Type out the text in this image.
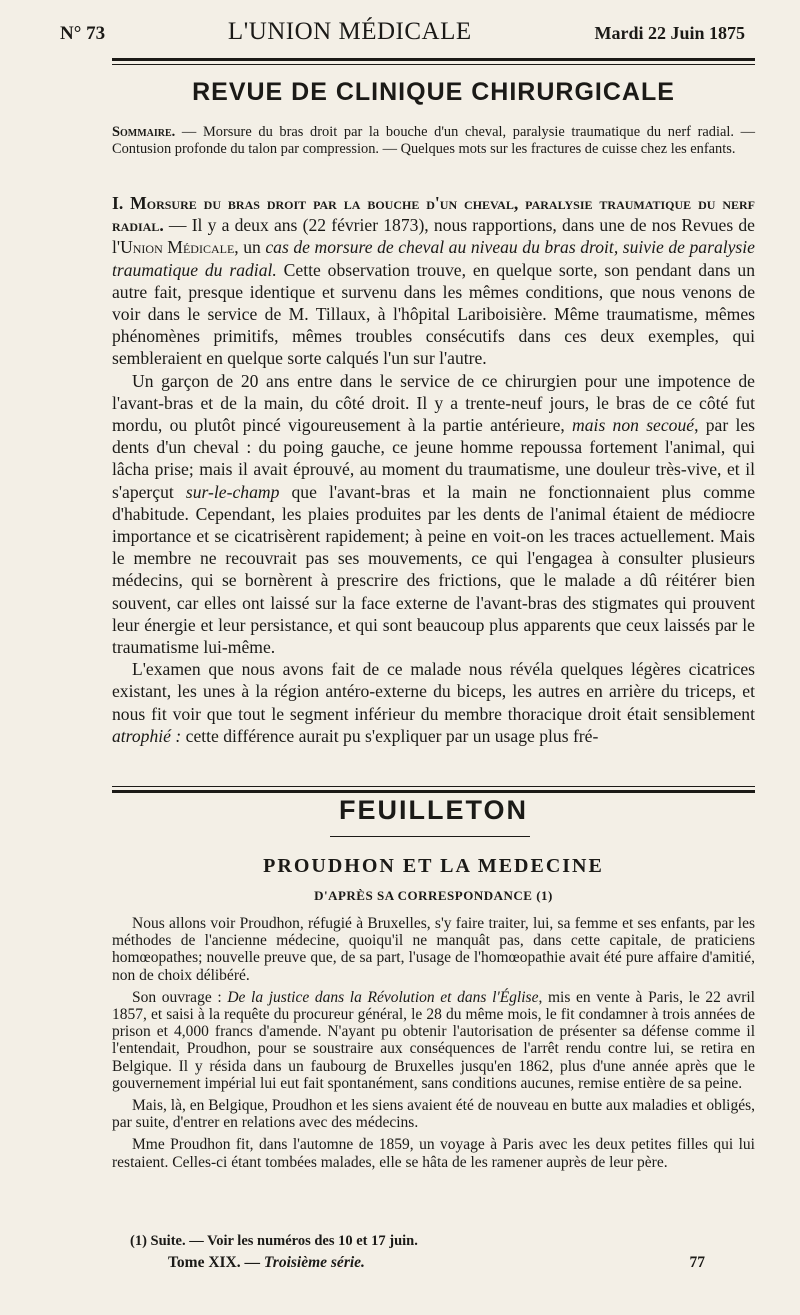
N° 73	L'UNION MÉDICALE	Mardi 22 Juin 1875
REVUE DE CLINIQUE CHIRURGICALE
Sommaire. — Morsure du bras droit par la bouche d'un cheval, paralysie traumatique du nerf radial. — Contusion profonde du talon par compression. — Quelques mots sur les fractures de cuisse chez les enfants.

I. Morsure du bras droit par la bouche d'un cheval, paralysie traumatique du nerf radial. — Il y a deux ans (22 février 1873), nous rapportions, dans une de nos Revues de l'Union Médicale, un cas de morsure de cheval au niveau du bras droit, suivie de paralysie traumatique du radial. Cette observation trouve, en quelque sorte, son pendant dans un autre fait, presque identique et survenu dans les mêmes conditions, que nous venons de voir dans le service de M. Tillaux, à l'hôpital Lariboisière. Même traumatisme, mêmes phénomènes primitifs, mêmes troubles consécutifs dans ces deux exemples, qui sembleraient en quelque sorte calqués l'un sur l'autre.

Un garçon de 20 ans entre dans le service de ce chirurgien pour une impotence de l'avant-bras et de la main, du côté droit. Il y a trente-neuf jours, le bras de ce côté fut mordu, ou plutôt pincé vigoureusement à la partie antérieure, mais non secoué, par les dents d'un cheval : du poing gauche, ce jeune homme repoussa fortement l'animal, qui lâcha prise; mais il avait éprouvé, au moment du traumatisme, une douleur très-vive, et il s'aperçut sur-le-champ que l'avant-bras et la main ne fonctionnaient plus comme d'habitude. Cependant, les plaies produites par les dents de l'animal étaient de médiocre importance et se cicatrisèrent rapidement; à peine en voit-on les traces actuellement. Mais le membre ne recouvrait pas ses mouvements, ce qui l'engagea à consulter plusieurs médecins, qui se bornèrent à prescrire des frictions, que le malade a dû réitérer bien souvent, car elles ont laissé sur la face externe de l'avant-bras des stigmates qui prouvent leur énergie et leur persistance, et qui sont beaucoup plus apparents que ceux laissés par le traumatisme lui-même.

L'examen que nous avons fait de ce malade nous révéla quelques légères cicatrices existant, les unes à la région antéro-externe du biceps, les autres en arrière du triceps, et nous fit voir que tout le segment inférieur du membre thoracique droit était sensiblement atrophié : cette différence aurait pu s'expliquer par un usage plus fré-

FEUILLETON
PROUDHON ET LA MEDECINE
D'APRÈS SA CORRESPONDANCE (1)

Nous allons voir Proudhon, réfugié à Bruxelles, s'y faire traiter, lui, sa femme et ses enfants, par les méthodes de l'ancienne médecine, quoiqu'il ne manquât pas, dans cette capitale, de praticiens homœopathes; nouvelle preuve que, de sa part, l'usage de l'homœopathie avait été pure affaire d'amitié, non de choix délibéré.

Son ouvrage : De la justice dans la Révolution et dans l'Église, mis en vente à Paris, le 22 avril 1857, et saisi à la requête du procureur général, le 28 du même mois, le fit condamner à trois années de prison et 4,000 francs d'amende. N'ayant pu obtenir l'autorisation de présenter sa défense comme il l'entendait, Proudhon, pour se soustraire aux conséquences de l'arrêt rendu contre lui, se retira en Belgique. Il y résida dans un faubourg de Bruxelles jusqu'en 1862, plus d'une année après que le gouvernement impérial lui eut fait spontanément, sans conditions aucunes, remise entière de sa peine.

Mais, là, en Belgique, Proudhon et les siens avaient été de nouveau en butte aux maladies et obligés, par suite, d'entrer en relations avec des médecins.

Mme Proudhon fit, dans l'automne de 1859, un voyage à Paris avec les deux petites filles qui lui restaient. Celles-ci étant tombées malades, elle se hâta de les ramener auprès de leur père.

(1) Suite. — Voir les numéros des 10 et 17 juin.
Tome XIX. — Troisième série.	77
